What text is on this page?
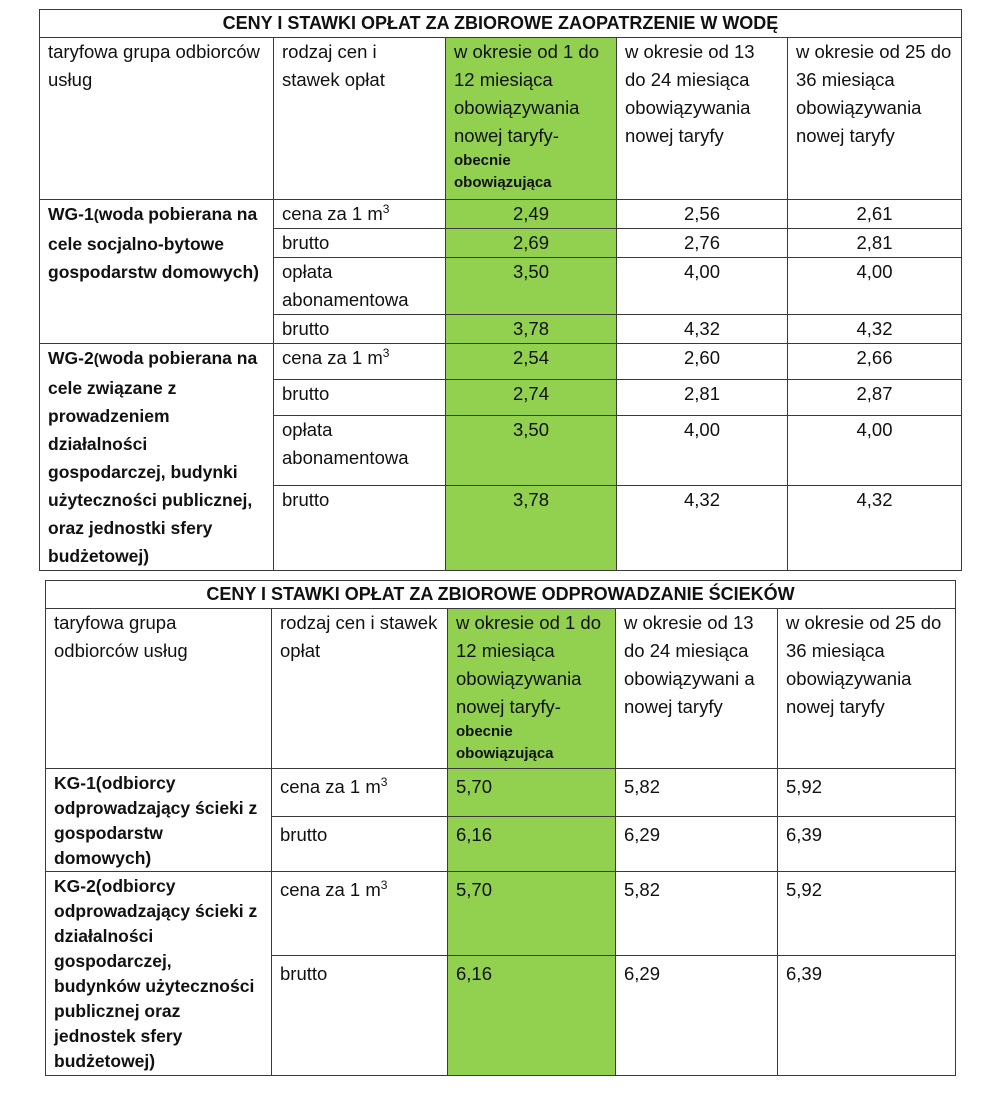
CENY I STAWKI OPŁAT ZA ZBIOROWE ZAOPATRZENIE W WODĘ				
taryfowa grupa odbiorców usług	rodzaj cen i stawek opłat	w okresie od 1 do 12 miesiąca obowiązywania nowej taryfy-
obecnie obowiązująca	w okresie od 13 do 24 miesiąca obowiązywania nowej taryfy	w okresie od 25 do 36 miesiąca obowiązywania nowej taryfy
WG-1(woda pobierana na cele socjalno-bytowe gospodarstw domowych)	cena za 1 $m^3$	2,49	2,56	2,61
	brutto	2,69	2,76	2,81
	opłata abonamentowa	3,50	4,00	4,00
	brutto	3,78	4,32	4,32
WG-2(woda pobierana na cele związane z prowadzeniem działalności gospodarczej, budynki użyteczności publicznej, oraz jednostki sfery budżetowej)	cena za 1 $m^3$	2,54	2,60	2,66
	brutto	2,74	2,81	2,87
	opłata abonamentowa	3,50	4,00	4,00
	brutto	3,78	4,32	4,32
CENY I STAWKI OPŁAT ZA ZBIOROWE ODPROWADZANIE ŚCIEKÓW				
taryfowa grupa odbiorców usług	rodzaj cen i stawek opłat	w okresie od 1 do 12 miesiąca obowiązywania nowej taryfy-
obecnie obowiązująca	w okresie od 13 do 24 miesiąca obowiązywani a nowej taryfy	w okresie od 25 do 36 miesiąca obowiązywania nowej taryfy
KG-1(odbiorcy odprowadzający ścieki z gospodarstw domowych)	cena za 1 $m^3$	5,70	5,82	5,92
	brutto	6,16	6,29	6,39
KG-2(odbiorcy odprowadzający ścieki z działalności gospodarczej, budynków użyteczności publicznej oraz jednostek sfery budżetowej)	cena za 1 $m^3$	5,70	5,82	5,92
	brutto	6,16	6,29	6,39
